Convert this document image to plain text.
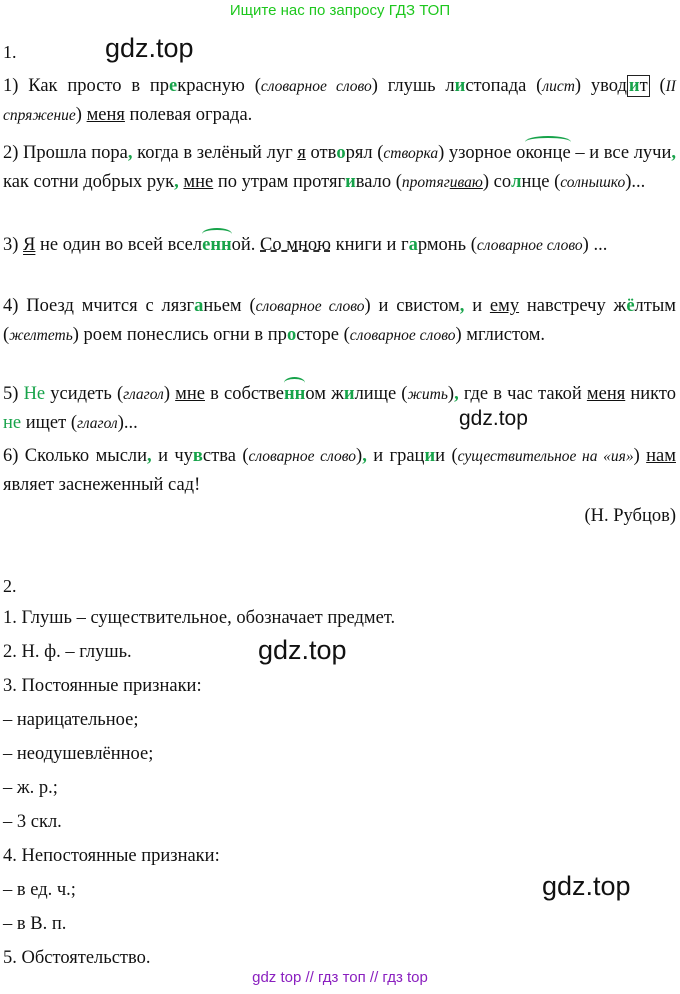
Ищите нас по запросу ГДЗ ТОП
1.	gdz.top
1) Как просто в прекрасную (словарное слово) глушь листопада (лист) увод ит (II спряжение) меня полевая ограда.
2) Прошла пора, когда в зелёный луг я отворял (створка) узорное оконце – и все лучи, как сотни добрых рук, мне по утрам протягивало (протягиваю) солнце (солнышко)...
3) Я не один во всей вселенной. Со мною книги и гармонь (словарное слово) ...
4) Поезд мчится с лязганьем (словарное слово) и свистом, и ему навстречу жёлтым (желтеть) роем понеслись огни в просторе (словарное слово) мглистом.
5) Не усидеть (глагол) мне в собственном жилище (жить), где в час такой меня никто не ищет (глагол)...	gdz.top
6) Сколько мысли, и чувства (словарное слово), и грации (существительное на «ия») нам являет заснеженный сад!
(Н. Рубцов)
2.
1. Глушь – существительное, обозначает предмет.
2. Н. ф. – глушь.	gdz.top
3. Постоянные признаки:
– нарицательное;
– неодушевлённое;
– ж. р.;
– 3 скл.
4. Непостоянные признаки:
gdz.top
– в ед. ч.;
– в В. п.
5. Обстоятельство.
gdz top // гдз топ // гдз top
